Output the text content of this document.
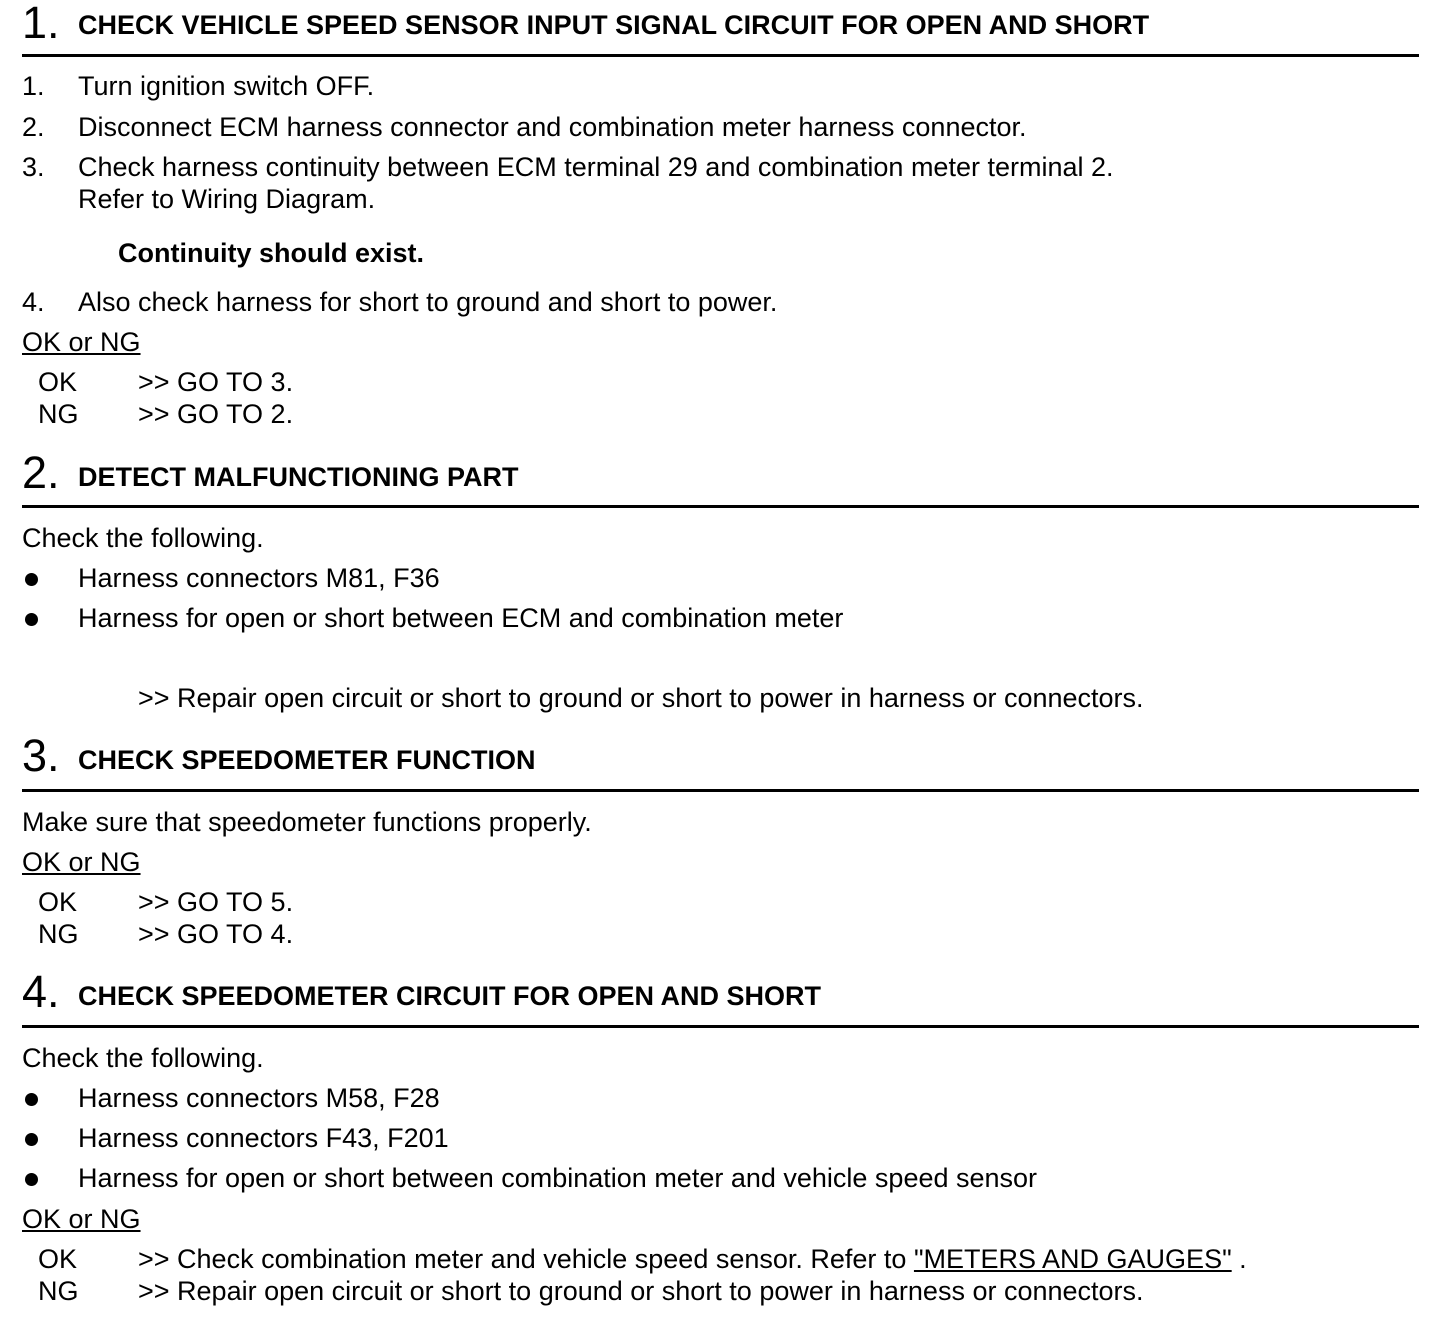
1. CHECK VEHICLE SPEED SENSOR INPUT SIGNAL CIRCUIT FOR OPEN AND SHORT
1. Turn ignition switch OFF.
2. Disconnect ECM harness connector and combination meter harness connector.
3. Check harness continuity between ECM terminal 29 and combination meter terminal 2.
Refer to Wiring Diagram.
Continuity should exist.
4. Also check harness for short to ground and short to power.
OK or NG
OK >> GO TO 3.
NG >> GO TO 2.
2. DETECT MALFUNCTIONING PART
Check the following.
Harness connectors M81, F36
Harness for open or short between ECM and combination meter
>> Repair open circuit or short to ground or short to power in harness or connectors.
3. CHECK SPEEDOMETER FUNCTION
Make sure that speedometer functions properly.
OK or NG
OK >> GO TO 5.
NG >> GO TO 4.
4. CHECK SPEEDOMETER CIRCUIT FOR OPEN AND SHORT
Check the following.
Harness connectors M58, F28
Harness connectors F43, F201
Harness for open or short between combination meter and vehicle speed sensor
OK or NG
OK >> Check combination meter and vehicle speed sensor. Refer to "METERS AND GAUGES" .
NG >> Repair open circuit or short to ground or short to power in harness or connectors.
